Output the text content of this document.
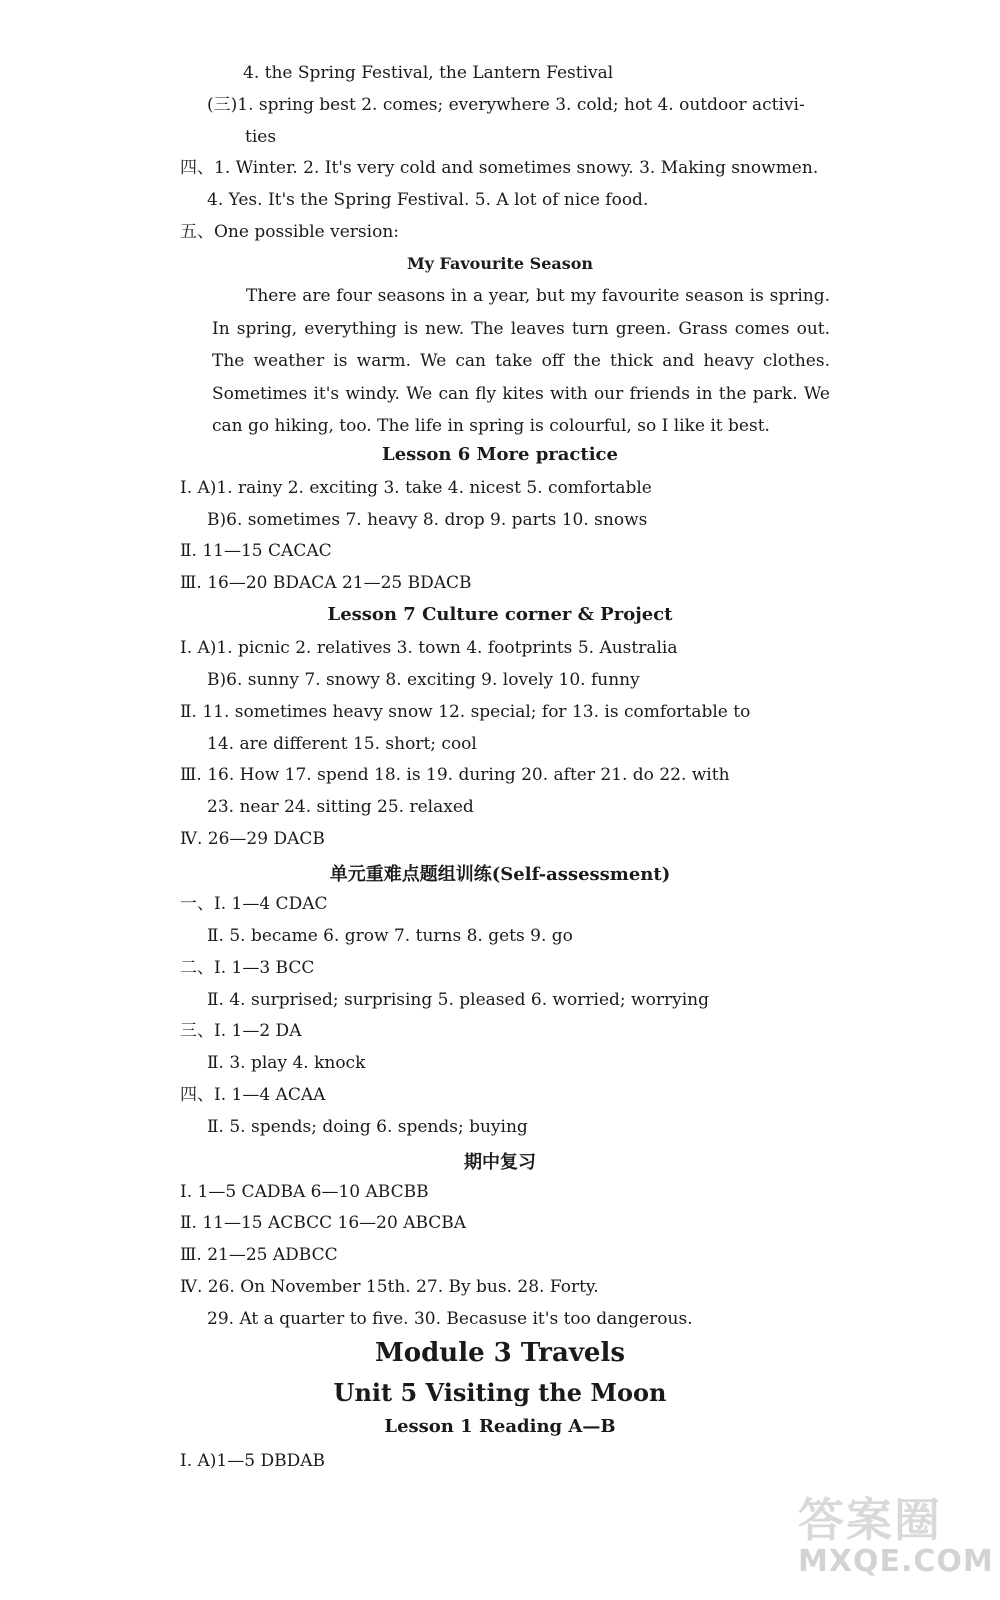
4. the Spring Festival, the Lantern Festival
(三)1. spring best 2. comes; everywhere 3. cold; hot 4. outdoor activi-
ties
四、1. Winter. 2. It's very cold and sometimes snowy. 3. Making snowmen.
4. Yes. It's the Spring Festival. 5. A lot of nice food.
五、One possible version:
My Favourite Season
There are four seasons in a year, but my favourite season is spring. In spring, everything is new. The leaves turn green. Grass comes out. The weather is warm. We can take off the thick and heavy clothes. Sometimes it's windy. We can fly kites with our friends in the park. We can go hiking, too. The life in spring is colourful, so I like it best.
Lesson 6 More practice
Ⅰ. A)1. rainy 2. exciting 3. take 4. nicest 5. comfortable
B)6. sometimes 7. heavy 8. drop 9. parts 10. snows
Ⅱ. 11—15 CACAC
Ⅲ. 16—20 BDACA 21—25 BDACB
Lesson 7 Culture corner & Project
Ⅰ. A)1. picnic 2. relatives 3. town 4. footprints 5. Australia
B)6. sunny 7. snowy 8. exciting 9. lovely 10. funny
Ⅱ. 11. sometimes heavy snow 12. special; for 13. is comfortable to
14. are different 15. short; cool
Ⅲ. 16. How 17. spend 18. is 19. during 20. after 21. do 22. with
23. near 24. sitting 25. relaxed
Ⅳ. 26—29 DACB
单元重难点题组训练(Self-assessment)
一、Ⅰ. 1—4 CDAC
Ⅱ. 5. became 6. grow 7. turns 8. gets 9. go
二、Ⅰ. 1—3 BCC
Ⅱ. 4. surprised; surprising 5. pleased 6. worried; worrying
三、Ⅰ. 1—2 DA
Ⅱ. 3. play 4. knock
四、Ⅰ. 1—4 ACAA
Ⅱ. 5. spends; doing 6. spends; buying
期中复习
Ⅰ. 1—5 CADBA 6—10 ABCBB
Ⅱ. 11—15 ACBCC 16—20 ABCBA
Ⅲ. 21—25 ADBCC
Ⅳ. 26. On November 15th. 27. By bus. 28. Forty.
29. At a quarter to five. 30. Becasuse it's too dangerous.
Module 3 Travels
Unit 5 Visiting the Moon
Lesson 1 Reading A—B
Ⅰ. A)1—5 DBDAB
答案圈
MXQE.COM
